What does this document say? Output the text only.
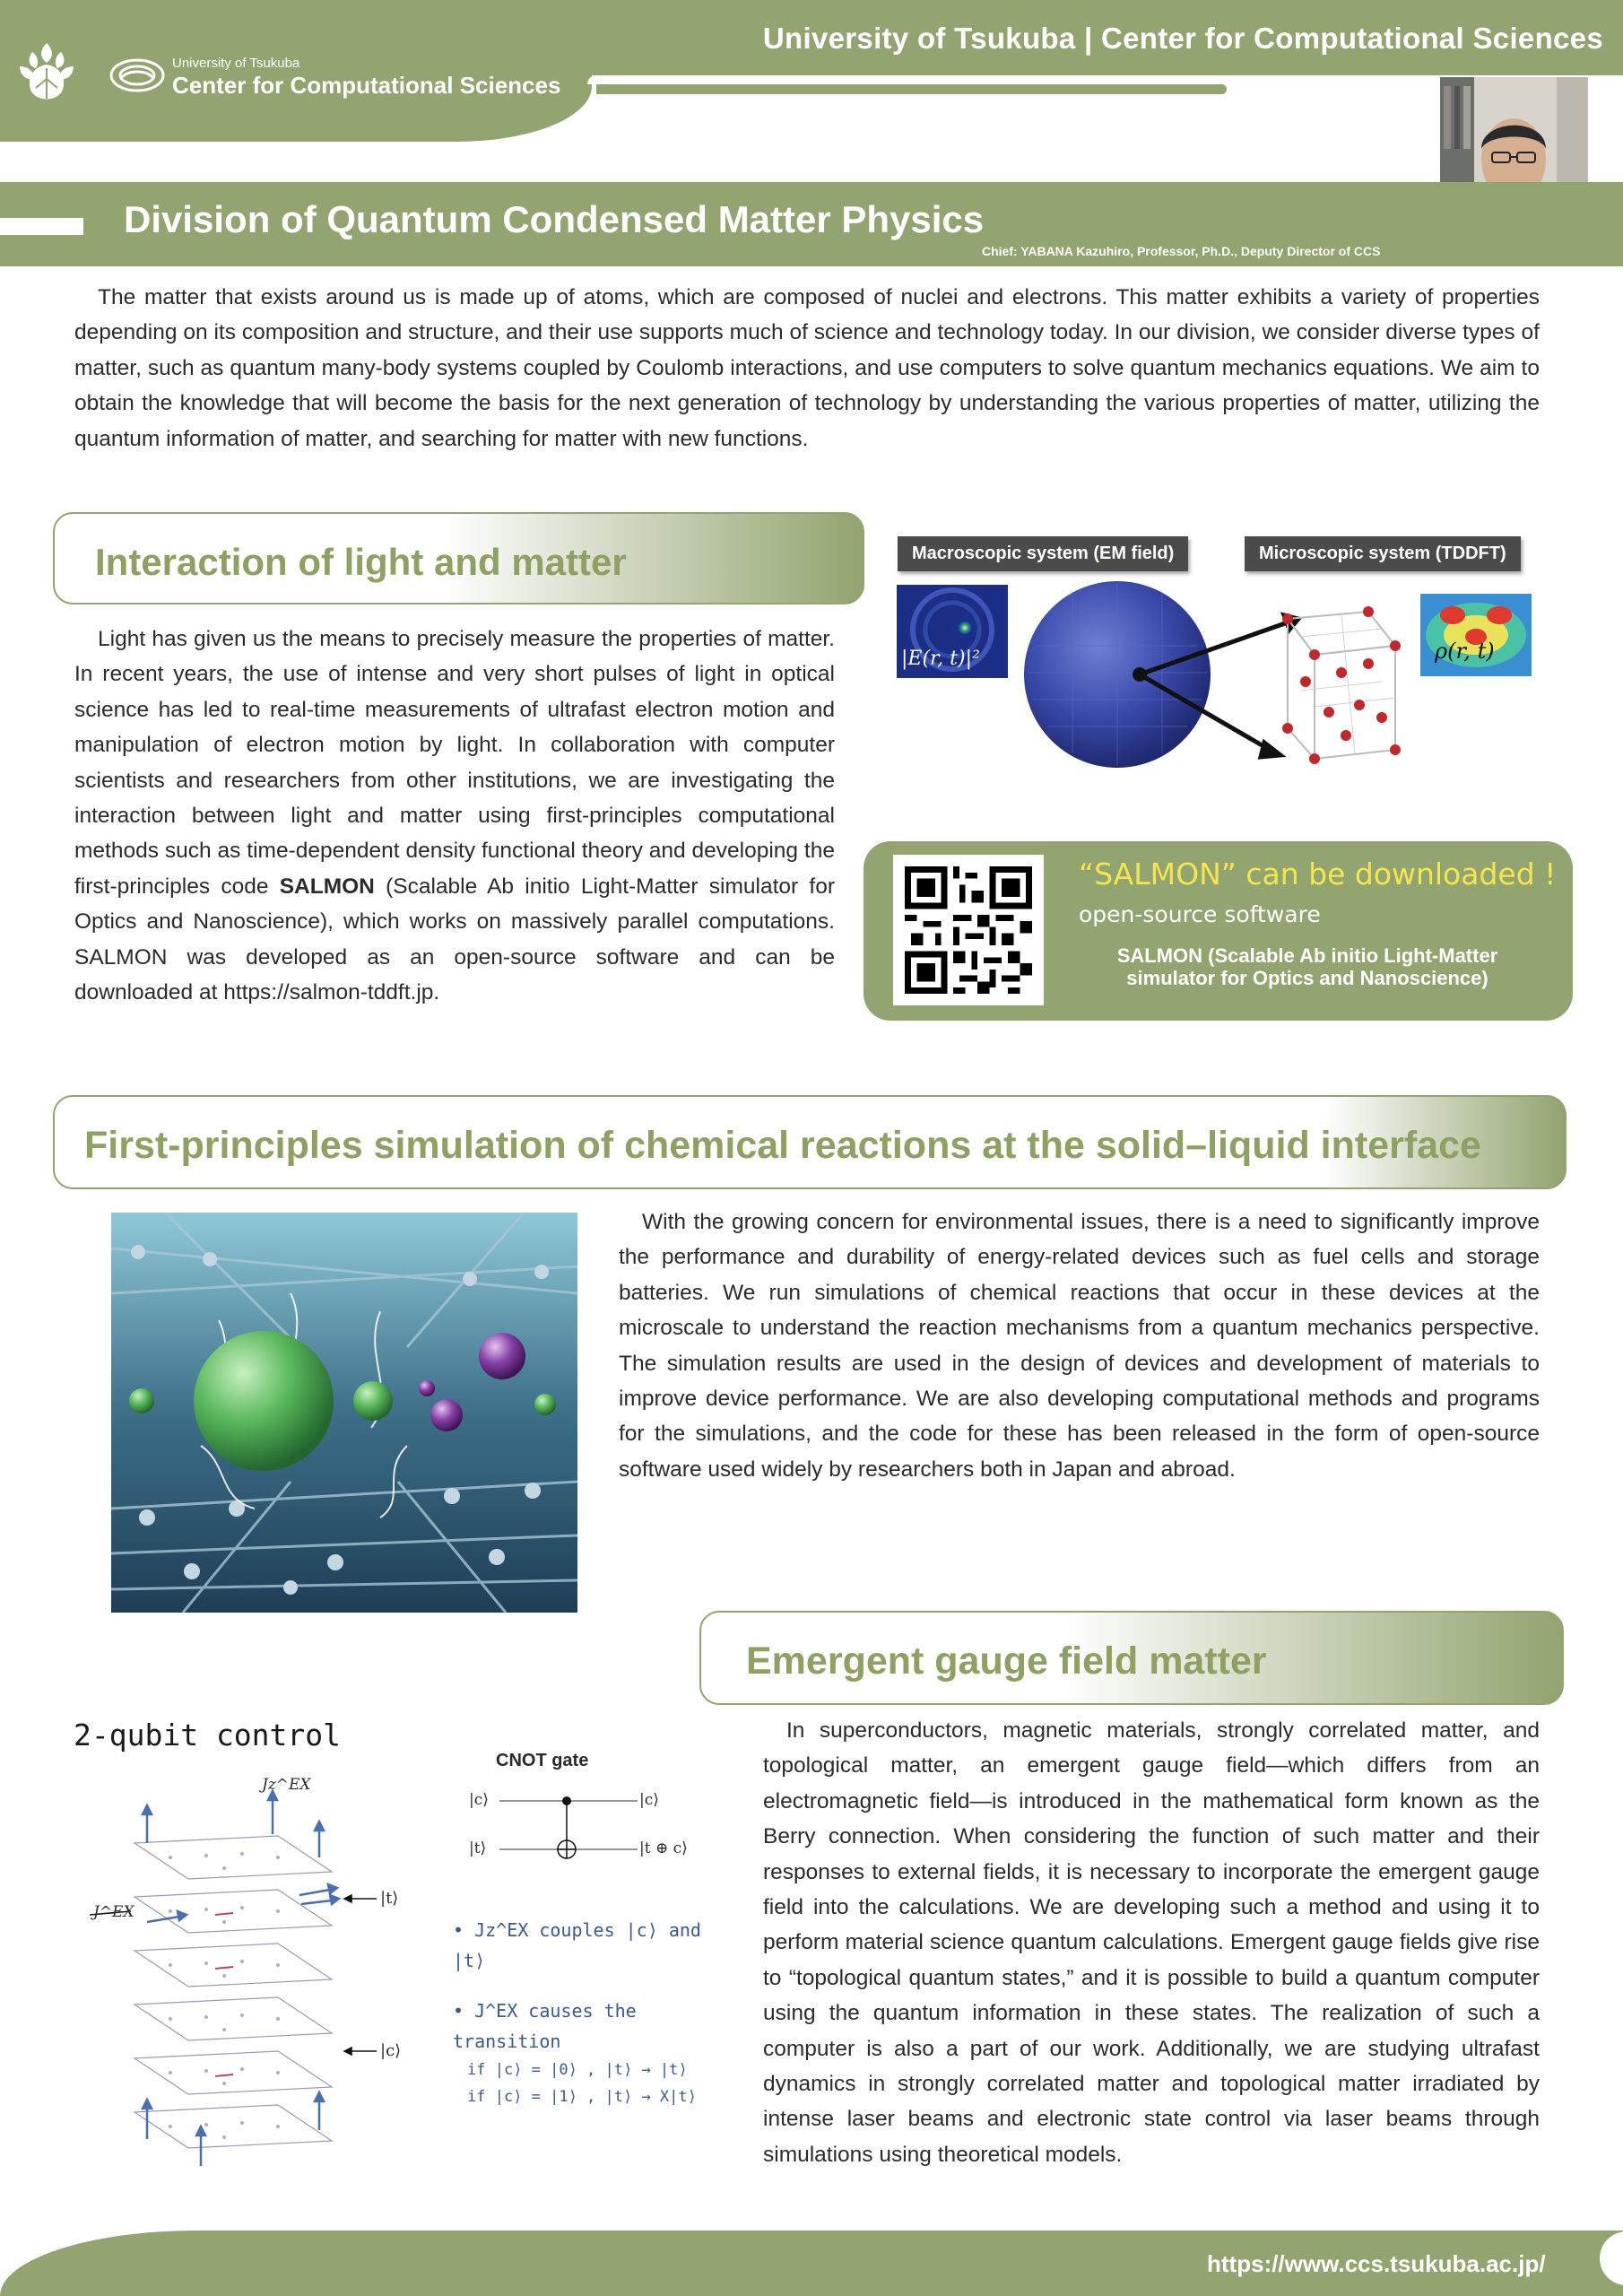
University of Tsukuba | Center for Computational Sciences
University of Tsukuba
Center for Computational Sciences
Division of Quantum Condensed Matter Physics
Chief: YABANA Kazuhiro, Professor, Ph.D., Deputy Director of CCS

The matter that exists around us is made up of atoms, which are composed of nuclei and electrons. This matter exhibits a variety of properties depending on its composition and structure, and their use supports much of science and technology today. In our division, we consider diverse types of matter, such as quantum many-body systems coupled by Coulomb interactions, and use computers to solve quantum mechanics equations. We aim to obtain the knowledge that will become the basis for the next generation of technology by understanding the various properties of matter, utilizing the quantum information of matter, and searching for matter with new functions.

Interaction of light and matter

Light has given us the means to precisely measure the properties of matter. In recent years, the use of intense and very short pulses of light in optical science has led to real-time measurements of ultrafast electron motion and manipulation of electron motion by light. In collaboration with computer scientists and researchers from other institutions, we are investigating the interaction between light and matter using first-principles computational methods such as time-dependent density functional theory and developing the first-principles code SALMON (Scalable Ab initio Light-Matter simulator for Optics and Nanoscience), which works on massively parallel computations. SALMON was developed as an open-source software and can be downloaded at https://salmon-tddft.jp.

Macroscopic system (EM field)	Microscopic system (TDDFT)
|E(r, t)|²	ρ(r, t)
“SALMON” can be downloaded !
open-source software
SALMON (Scalable Ab initio Light-Matter simulator for Optics and Nanoscience)
First-principles simulation of chemical reactions at the solid–liquid interface

With the growing concern for environmental issues, there is a need to significantly improve the performance and durability of energy-related devices such as fuel cells and storage batteries. We run simulations of chemical reactions that occur in these devices at the microscale to understand the reaction mechanisms from a quantum mechanics perspective. The simulation results are used in the design of devices and development of materials to improve device performance. We are also developing computational methods and programs for the simulations, and the code for these has been released in the form of open-source software used widely by researchers both in Japan and abroad.

Emergent gauge field matter

In superconductors, magnetic materials, strongly correlated matter, and topological matter, an emergent gauge field—which differs from an electromagnetic field—is introduced in the mathematical form known as the Berry connection. When considering the function of such matter and their responses to external fields, it is necessary to incorporate the emergent gauge field into the calculations. We are developing such a method and using it to perform material science quantum calculations. Emergent gauge fields give rise to “topological quantum states,” and it is possible to build a quantum computer using the quantum information in these states. The realization of such a computer is also a part of our work. Additionally, we are studying ultrafast dynamics in strongly correlated matter and topological matter irradiated by intense laser beams and electronic state control via laser beams through simulations using theoretical models.

2-qubit control
Jz^EX
J^EX
|t⟩
|c⟩
CNOT gate
|c⟩
|t⟩
|c⟩
|t ⊕ c⟩
• Jz^EX couples |c⟩ and |t⟩
• J^EX causes the transition
if |c⟩ = |0⟩ , |t⟩ → |t⟩
if |c⟩ = |1⟩ , |t⟩ → X|t⟩
https://www.ccs.tsukuba.ac.jp/
